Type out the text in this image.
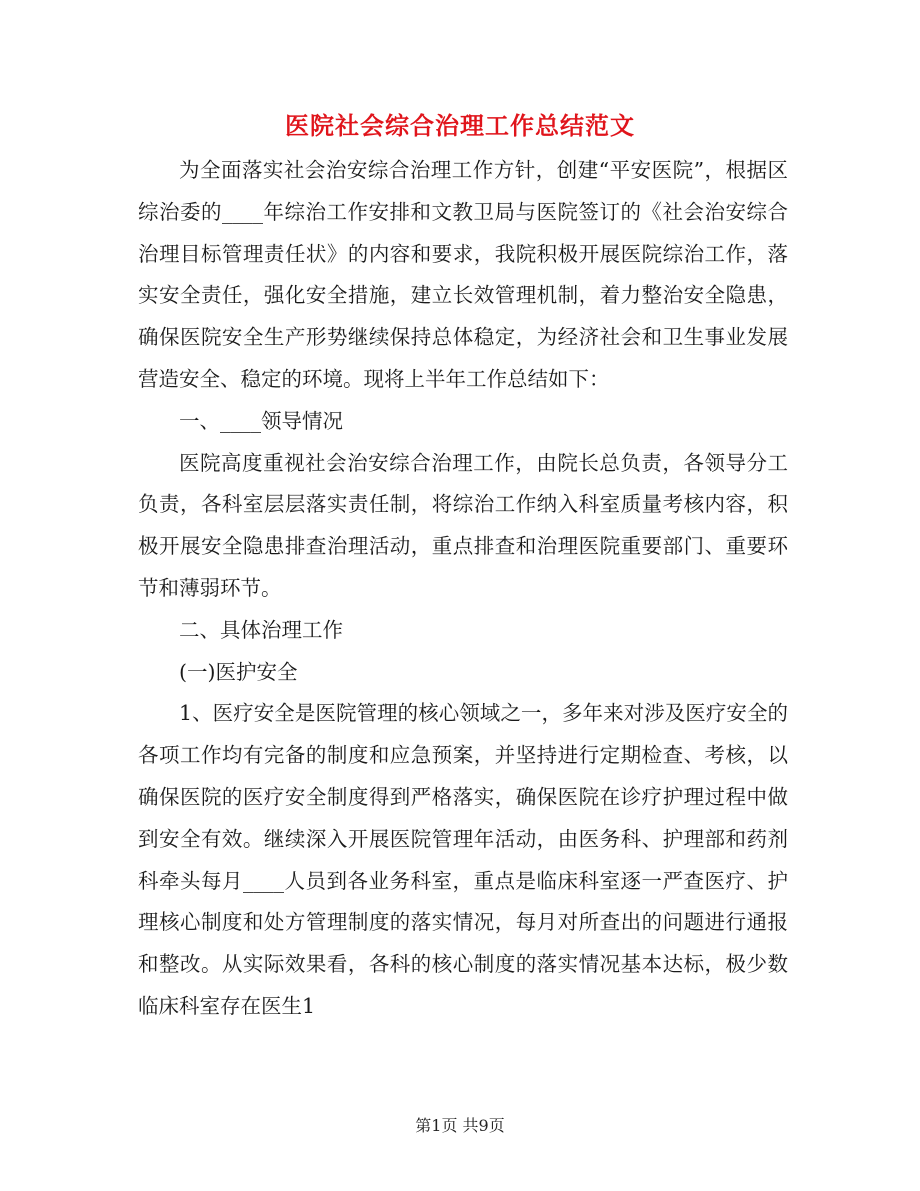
医院社会综合治理工作总结范文

为全面落实社会治安综合治理工作方针，创建“平安医院”，根据区综治委的____年综治工作安排和文教卫局与医院签订的《社会治安综合治理目标管理责任状》的内容和要求，我院积极开展医院综治工作，落实安全责任，强化安全措施，建立长效管理机制，着力整治安全隐患，确保医院安全生产形势继续保持总体稳定，为经济社会和卫生事业发展营造安全、稳定的环境。现将上半年工作总结如下：

一、____领导情况

医院高度重视社会治安综合治理工作，由院长总负责，各领导分工负责，各科室层层落实责任制，将综治工作纳入科室质量考核内容，积极开展安全隐患排查治理活动，重点排查和治理医院重要部门、重要环节和薄弱环节。

二、具体治理工作

(一)医护安全

1、医疗安全是医院管理的核心领域之一，多年来对涉及医疗安全的各项工作均有完备的制度和应急预案，并坚持进行定期检查、考核，以确保医院的医疗安全制度得到严格落实，确保医院在诊疗护理过程中做到安全有效。继续深入开展医院管理年活动，由医务科、护理部和药剂科牵头每月____人员到各业务科室，重点是临床科室逐一严查医疗、护理核心制度和处方管理制度的落实情况，每月对所查出的问题进行通报和整改。从实际效果看，各科的核心制度的落实情况基本达标，极少数临床科室存在医生1

第1页 共9页
